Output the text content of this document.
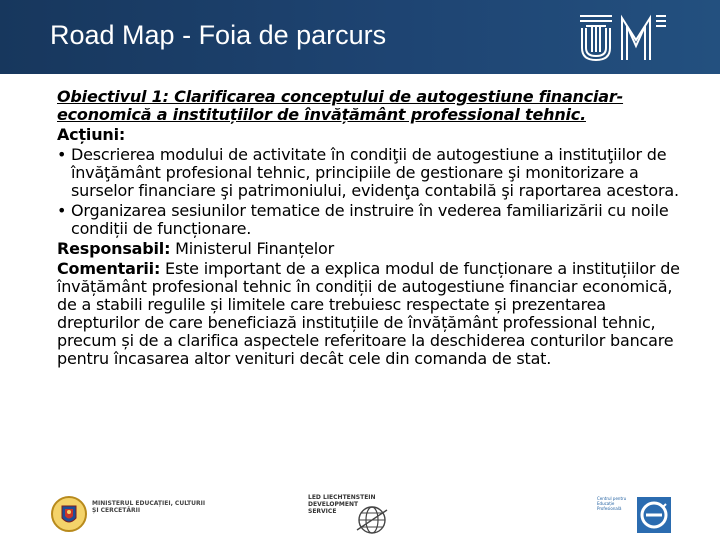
Road Map - Foia de parcurs
Obiectivul 1: Clarificarea conceptului de autogestiune financiar-economică a instituțiilor de învățământ professional tehnic.
Acțiuni:
• Descrierea modului de activitate în condiţii de autogestiune a instituţiilor de învăţământ profesional tehnic, principiile de gestionare şi monitorizare a surselor financiare şi patrimoniului, evidenţa contabilă şi raportarea acestora.
• Organizarea sesiunilor tematice de instruire în vederea familiarizării cu noile condiții de funcționare.
Responsabil: Ministerul Finanțelor
Comentarii: Este important de a explica modul de funcționare a instituțiilor de învățământ profesional tehnic în condiții de autogestiune financiar economică, de a stabili regulile și limitele care trebuiesc respectate și prezentarea drepturilor de care beneficiază instituțiile de învățământ professional tehnic, precum și de a clarifica aspectele referitoare la deschiderea conturilor bancare pentru încasarea altor venituri decât cele din comanda de stat.
MINISTERUL EDUCAȚIEI, CULTURII ȘI CERCETĂRII
LED LIECHTENSTEIN DEVELOPMENT SERVICE
Centrul pentru Educație Profesională
